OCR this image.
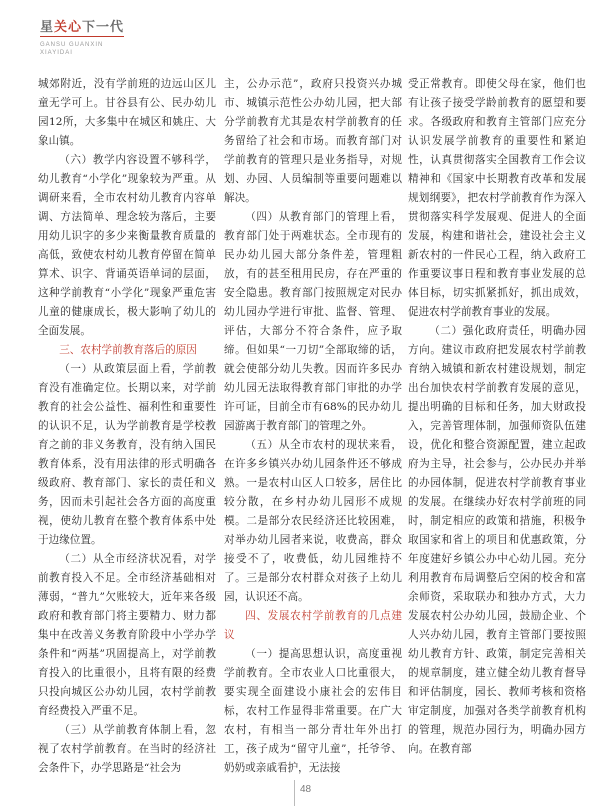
星关心下一代
GANSU GUANXIN
XIAYIDAI

城郊附近，没有学前班的边远山区儿童无学可上。甘谷县有公、民办幼儿园12所，大多集中在城区和姚庄、大象山镇。

（六）教学内容设置不够科学，幼儿教育“小学化”现象较为严重。从调研来看，全市农村幼儿教育内容单调、方法简单、理念较为落后，主要用幼儿识字的多少来衡量教育质量的高低，致使农村幼儿教育停留在简单算术、识字、背诵英语单词的层面，这种学前教育“小学化”现象严重危害儿童的健康成长，极大影响了幼儿的全面发展。

三、农村学前教育落后的原因

（一）从政策层面上看，学前教育没有准确定位。长期以来，对学前教育的社会公益性、福利性和重要性的认识不足，认为学前教育是学校教育之前的非义务教育，没有纳入国民教育体系，没有用法律的形式明确各级政府、教育部门、家长的责任和义务，因而未引起社会各方面的高度重视，使幼儿教育在整个教育体系中处于边缘位置。

（二）从全市经济状况看，对学前教育投入不足。全市经济基础相对薄弱，“普九”欠账较大，近年来各级政府和教育部门将主要精力、财力都集中在改善义务教育阶段中小学办学条件和“两基”巩固提高上，对学前教育投入的比重很小，且将有限的经费只投向城区公办幼儿园，农村学前教育经费投入严重不足。

（三）从学前教育体制上看，忽视了农村学前教育。在当时的经济社会条件下，办学思路是“社会为

主，公办示范”，政府只投资兴办城市、城镇示范性公办幼儿园，把大部分学前教育尤其是农村学前教育的任务留给了社会和市场。而教育部门对学前教育的管理只是业务指导，对规划、办园、人员编制等重要问题难以解决。

（四）从教育部门的管理上看，教育部门处于两难状态。全市现有的民办幼儿园大部分条件差，管理粗放，有的甚至租用民房，存在严重的安全隐患。教育部门按照规定对民办幼儿园办学进行审批、监督、管理、评估，大部分不符合条件，应予取缔。但如果“一刀切”全部取缔的话，就会使部分幼儿失教。因而许多民办幼儿园无法取得教育部门审批的办学许可证，目前全市有68%的民办幼儿园游离于教育部门的管理之外。

（五）从全市农村的现状来看，在许多乡镇兴办幼儿园条件还不够成熟。一是农村山区人口较多，居住比较分散，在乡村办幼儿园形不成规模。二是部分农民经济还比较困难，对举办幼儿园者来说，收费高，群众接受不了，收费低，幼儿园维持不了。三是部分农村群众对孩子上幼儿园，认识还不高。

四、发展农村学前教育的几点建议

（一）提高思想认识，高度重视学前教育。全市农业人口比重很大，要实现全面建设小康社会的宏伟目标，农村工作显得非常重要。在广大农村，有相当一部分青壮年外出打工，孩子成为“留守儿童”，托爷爷、奶奶或亲戚看护，无法接

受正常教育。即使父母在家，他们也有让孩子接受学龄前教育的愿望和要求。各级政府和教育主管部门应充分认识发展学前教育的重要性和紧迫性，认真贯彻落实全国教育工作会议精神和《国家中长期教育改革和发展规划纲要》，把农村学前教育作为深入贯彻落实科学发展观、促进人的全面发展，构建和谐社会，建设社会主义新农村的一件民心工程，纳入政府工作重要议事日程和教育事业发展的总体目标，切实抓紧抓好，抓出成效，促进农村学前教育事业的发展。

（二）强化政府责任，明确办园方向。建议市政府把发展农村学前教育纳入城镇和新农村建设规划，制定出台加快农村学前教育发展的意见，提出明确的目标和任务，加大财政投入，完善管理体制，加强师资队伍建设，优化和整合资源配置，建立起政府为主导，社会参与，公办民办并举的办园体制，促进农村学前教育事业的发展。在继续办好农村学前班的同时，制定相应的政策和措施，积极争取国家和省上的项目和优惠政策，分年度建好乡镇公办中心幼儿园。充分利用教育布局调整后空闲的校舍和富余师资，采取联办和独办方式，大力发展农村公办幼儿园，鼓励企业、个人兴办幼儿园，教育主管部门要按照幼儿教育方针、政策，制定完善相关的规章制度，建立健全幼儿教育督导和评估制度，园长、教师考核和资格审定制度，加强对各类学前教育机构的管理，规范办园行为，明确办园方向。在教育部

48
